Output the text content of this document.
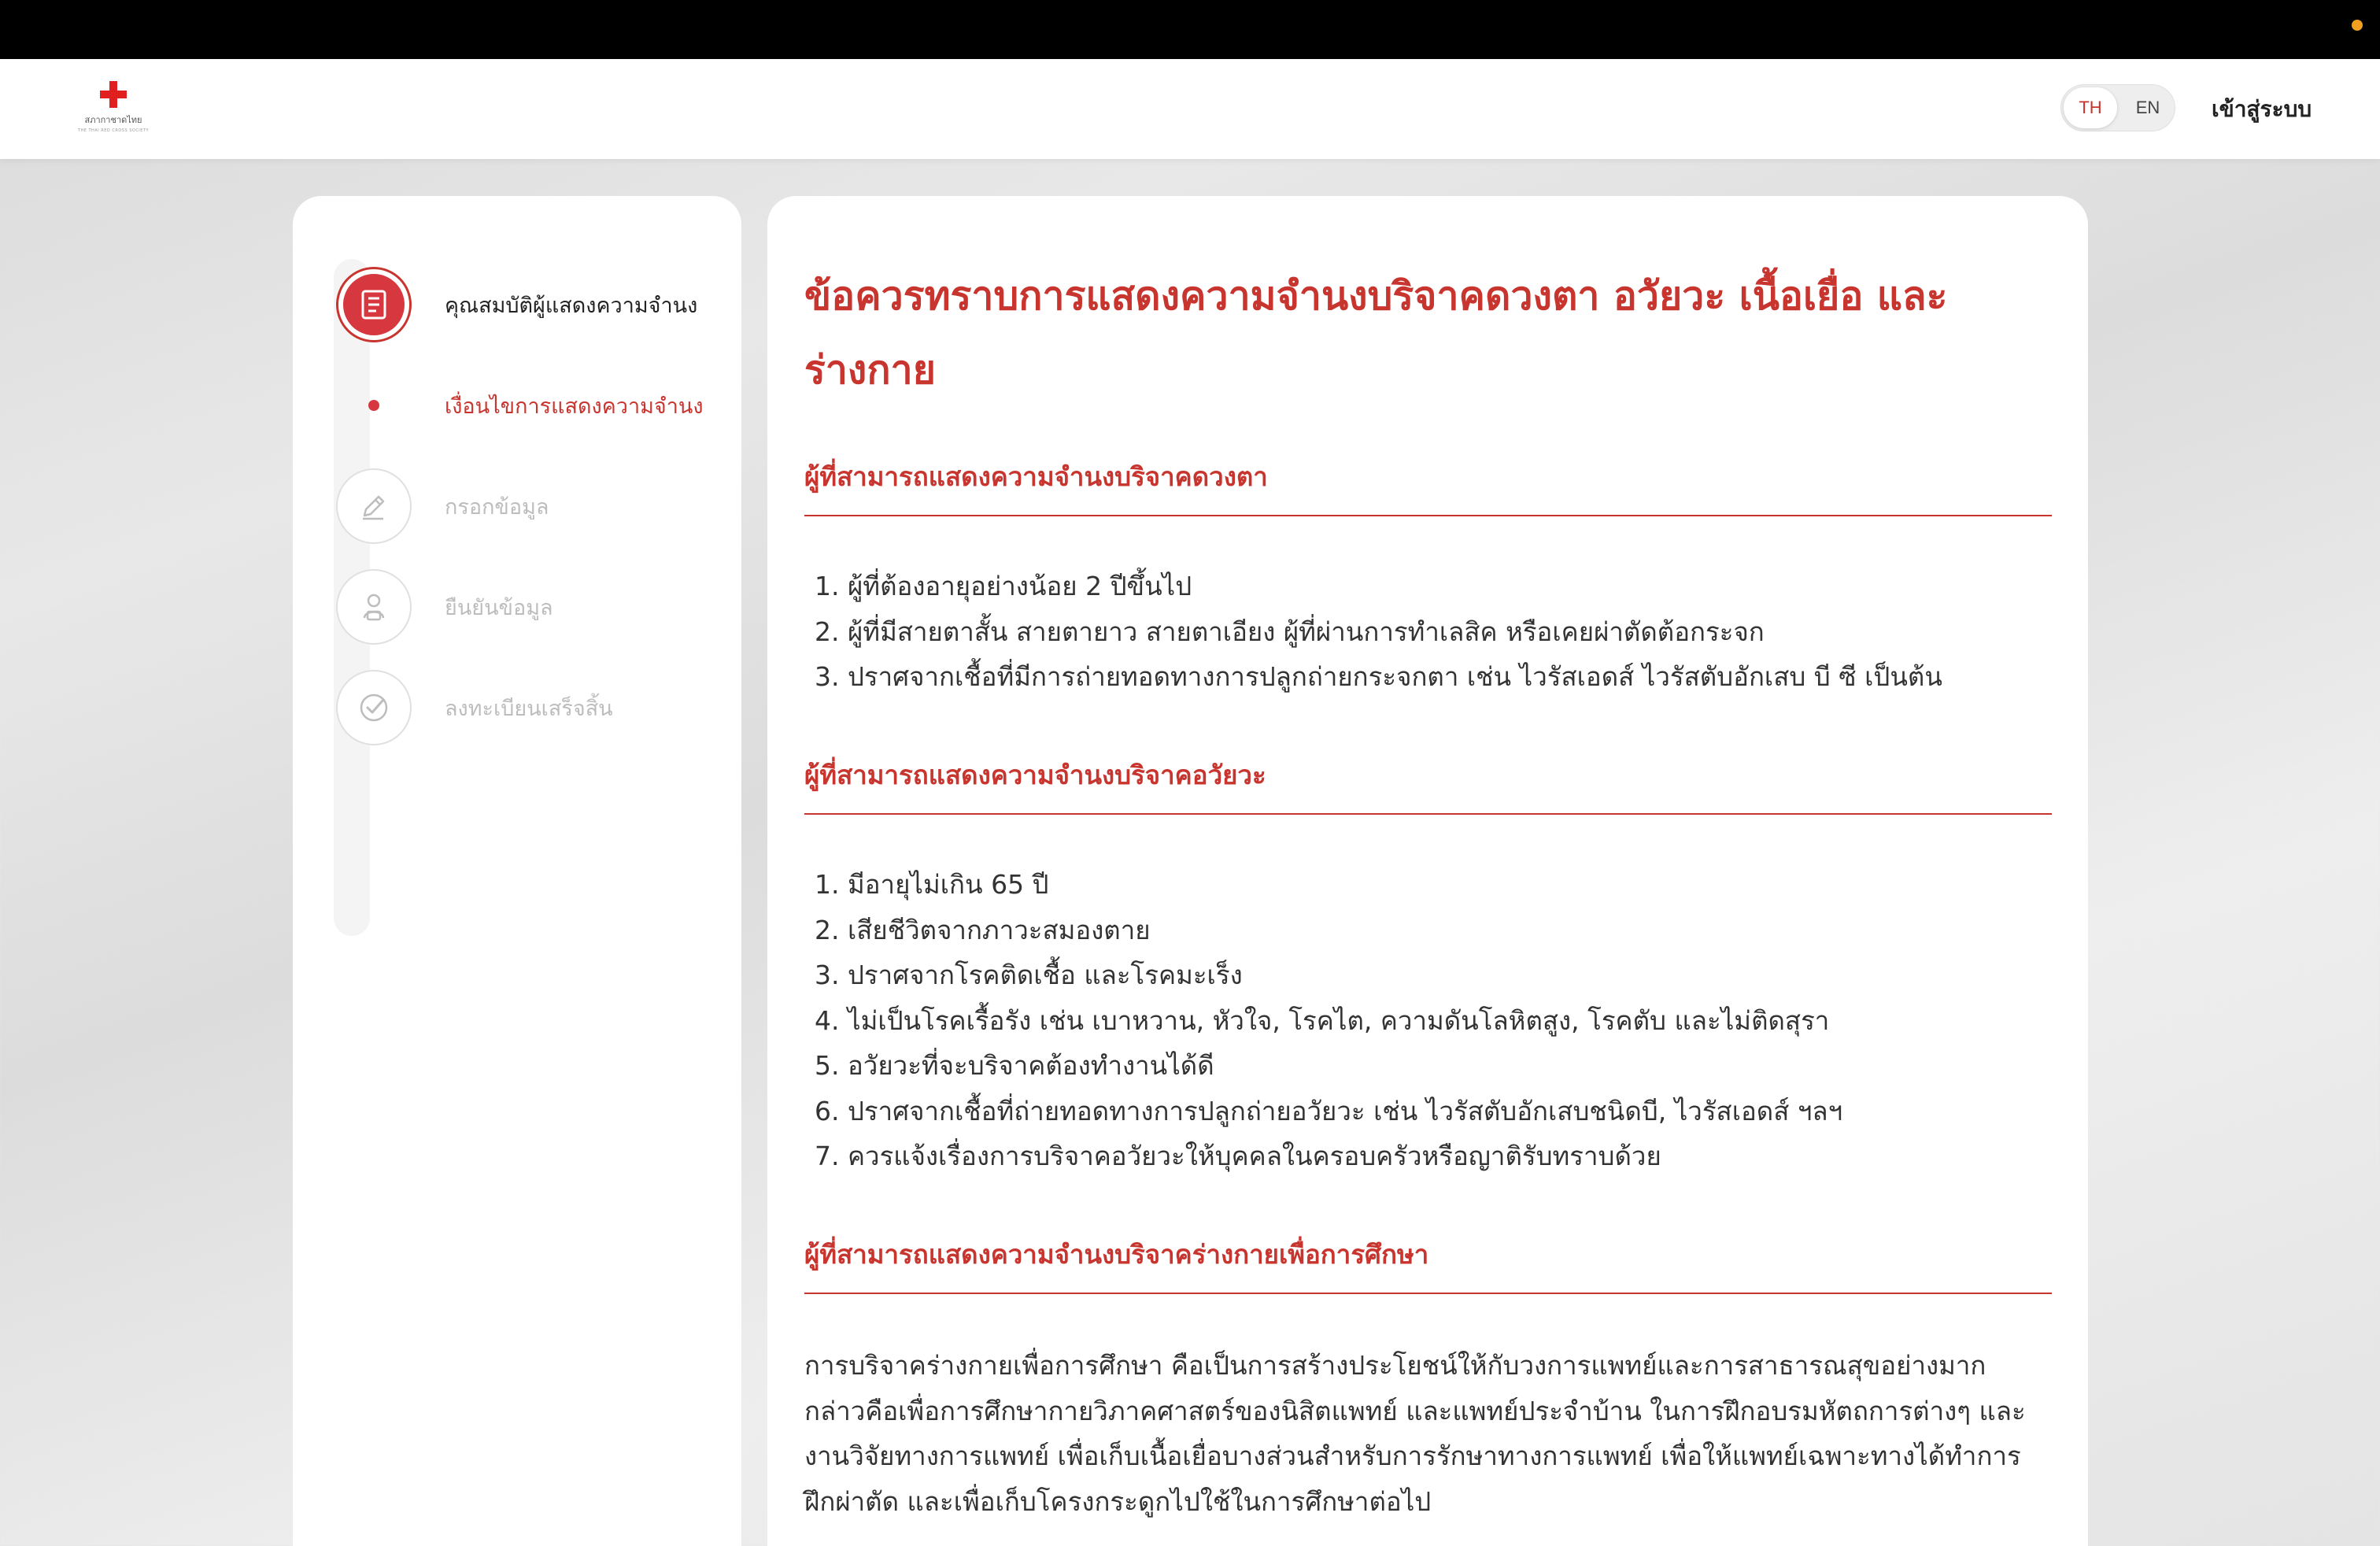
สภากาชาดไทย
THE THAI RED CROSS SOCIETY
TH	EN	เข้าสู่ระบบ
คุณสมบัติผู้แสดงความจำนง
เงื่อนไขการแสดงความจำนง
กรอกข้อมูล
ยืนยันข้อมูล
ลงทะเบียนเสร็จสิ้น
ข้อควรทราบการแสดงความจำนงบริจาคดวงตา อวัยวะ เนื้อเยื่อ และร่างกาย
ผู้ที่สามารถแสดงความจำนงบริจาคดวงตา
1. ผู้ที่ต้องอายุอย่างน้อย 2 ปีขึ้นไป
2. ผู้ที่มีสายตาสั้น สายตายาว สายตาเอียง ผู้ที่ผ่านการทำเลสิค หรือเคยผ่าตัดต้อกระจก
3. ปราศจากเชื้อที่มีการถ่ายทอดทางการปลูกถ่ายกระจกตา เช่น ไวรัสเอดส์ ไวรัสตับอักเสบ บี ซี เป็นต้น
ผู้ที่สามารถแสดงความจำนงบริจาคอวัยวะ
1. มีอายุไม่เกิน 65 ปี
2. เสียชีวิตจากภาวะสมองตาย
3. ปราศจากโรคติดเชื้อ และโรคมะเร็ง
4. ไม่เป็นโรคเรื้อรัง เช่น เบาหวาน, หัวใจ, โรคไต, ความดันโลหิตสูง, โรคตับ และไม่ติดสุรา
5. อวัยวะที่จะบริจาคต้องทำงานได้ดี
6. ปราศจากเชื้อที่ถ่ายทอดทางการปลูกถ่ายอวัยวะ เช่น ไวรัสตับอักเสบชนิดบี, ไวรัสเอดส์ ฯลฯ
7. ควรแจ้งเรื่องการบริจาคอวัยวะให้บุคคลในครอบครัวหรือญาติรับทราบด้วย
ผู้ที่สามารถแสดงความจำนงบริจาคร่างกายเพื่อการศึกษา

การบริจาคร่างกายเพื่อการศึกษา คือเป็นการสร้างประโยชน์ให้กับวงการแพทย์และการสาธารณสุขอย่างมาก กล่าวคือเพื่อการศึกษากายวิภาคศาสตร์ของนิสิตแพทย์ และแพทย์ประจำบ้าน ในการฝึกอบรมหัตถการต่างๆ และงานวิจัยทางการแพทย์ เพื่อเก็บเนื้อเยื่อบางส่วนสำหรับการรักษาทางการแพทย์ เพื่อให้แพทย์เฉพาะทางได้ทำการฝึกผ่าตัด และเพื่อเก็บโครงกระดูกไปใช้ในการศึกษาต่อไป
